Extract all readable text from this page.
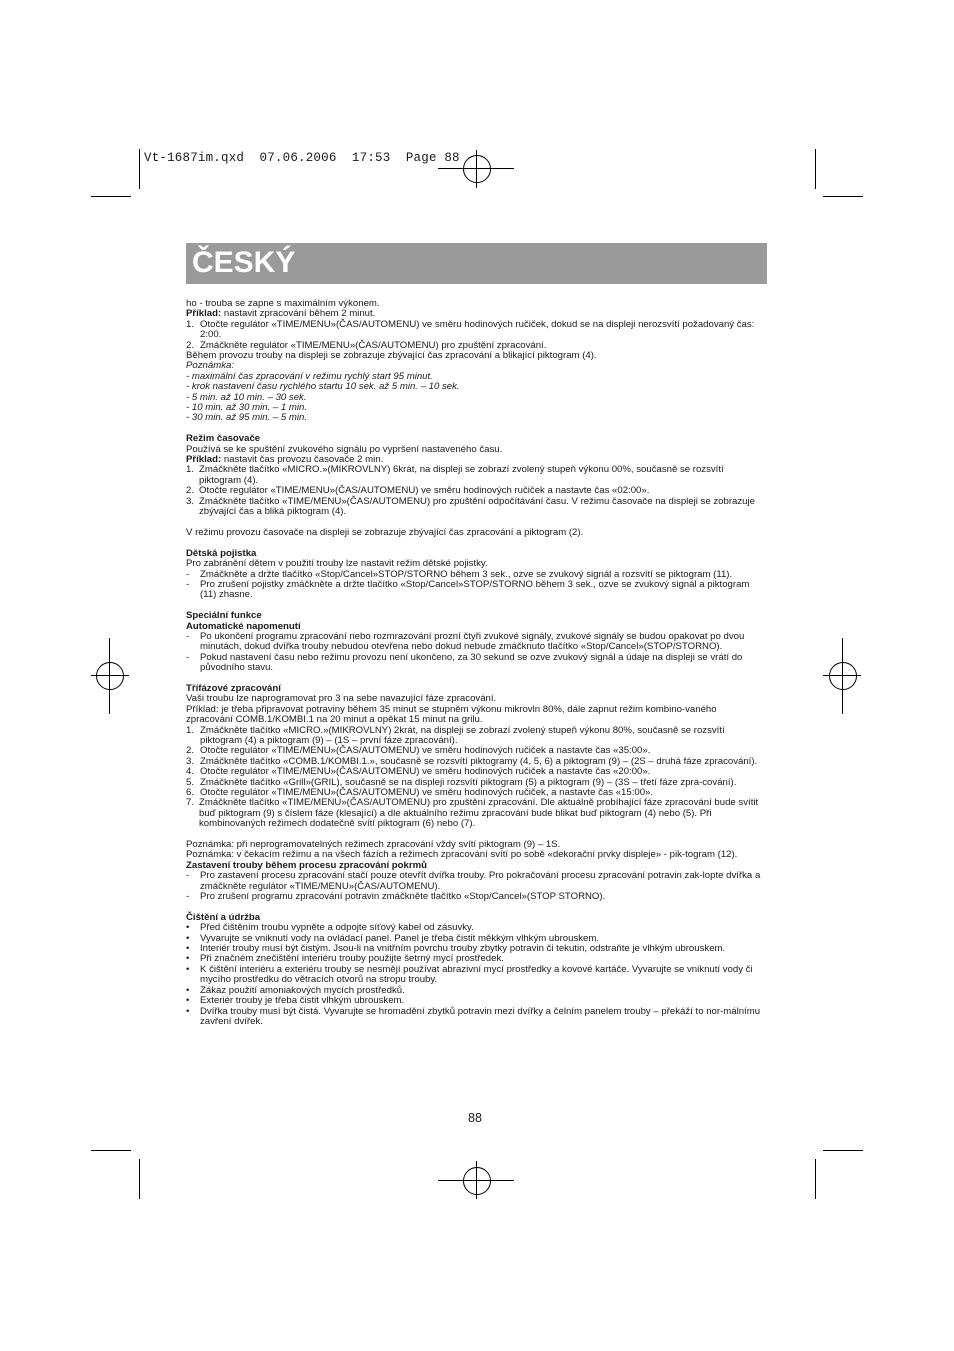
Vt-1687im.qxd  07.06.2006  17:53  Page 88
ČESKÝ
ho - trouba se zapne s maximálním výkonem.
Příklad: nastavit zpracování během 2 minut.
1. Otočte regulátor «TIME/MENU»(ČAS/AUTOMENU) ve směru hodinových ručiček, dokud se na displeji nerozsvítí požadovaný čas: 2:00.
2. Zmáčkněte regulátor «TIME/MENU»(ČAS/AUTOMENU) pro zpuštění zpracování.
Během provozu trouby na displeji se zobrazuje zbývající čas zpracování a blikající piktogram (4).
Poznámka:
- maximální čas zpracování v režimu rychlý start 95 minut.
- krok nastavení času rychlého startu 10 sek. až 5 min. – 10 sek.
- 5 min. až 10 min. – 30 sek.
- 10 min. až 30 min. – 1 min.
- 30 min. až 95 min. – 5 min.
Režim časovače
Používá se ke spuštění zvukového signálu po vypršení nastaveného času.
Příklad: nastavit čas provozu časovače 2 min.
1. Zmáčkněte tlačítko «MICRO.»(MIKROVLNY) 6krát, na displeji se zobrazí zvolený stupeň výkonu 00%, současně se rozsvítí piktogram (4).
2. Otočte regulátor «TIME/MENU»(ČAS/AUTOMENU) ve směru hodinových ručiček a nastavte čas «02:00».
3. Zmáčkněte tlačítko «TIME/MENU»(ČAS/AUTOMENU) pro zpuštění odpočítávání času. V režimu časovače na displeji se zobrazuje zbývající čas a bliká piktogram (4).
V režimu provozu časovače na displeji se zobrazuje zbývající čas zpracování a piktogram (2).
Dětská pojistka
Pro zabránění dětem v použití trouby lze nastavit režim dětské pojistky.
- Zmáčkněte a držte tlačítko «Stop/Cancel»STOP/STORNO během 3 sek., ozve se zvukový signál a rozsvítí se piktogram (11).
- Pro zrušení pojistky zmáčkněte a držte tlačítko «Stop/Cancel»STOP/STORNO během 3 sek., ozve se zvukový signál a piktogram (11) zhasne.
Speciální funkce
Automatické napomenutí
- Po ukončení programu zpracování nebo rozmrazování prozní čtyři zvukové signály, zvukové signály se budou opakovat po dvou minutách, dokud dvířka trouby nebudou otevřena nebo dokud nebude zmáčknuto tlačítko «Stop/Cancel»(STOP/STORNO).
- Pokud nastavení času nebo režimu provozu není ukončeno, za 30 sekund se ozve zvukový signál a údaje na displeji se vrátí do původního stavu.
Třífázové zpracování
Vaši troubu lze naprogramovat pro 3 na sebe navazující fáze zpracování.
Příklad: je třeba připravovat potraviny během 35 minut se stupněm výkonu mikrovln 80%, dále zapnut režim kombino-vaného zpracování COMB.1/KOMBI.1 na 20 minut a opěkat 15 minut na grilu.
1. Zmáčkněte tlačítko «MICRO.»(MIKROVLNY) 2krát, na displeji se zobrazí zvolený stupeň výkonu 80%, současně se rozsvítí piktogram (4) a piktogram (9) – (1S – první fáze zpracování).
2. Otočte regulátor «TIME/MENU»(ČAS/AUTOMENU) ve směru hodinových ručiček a nastavte čas «35:00».
3. Zmáčkněte tlačítko «COMB.1/KOMBI.1.», současně se rozsvítí piktogramy (4, 5, 6) a piktogram (9) – (2S – druhá fáze zpracování).
4. Otočte regulátor «TIME/MENU»(ČAS/AUTOMENU) ve směru hodinových ručiček a nastavte čas «20:00».
5. Zmáčkněte tlačítko «Grill»(GRIL), současně se na displeji rozsvítí piktogram (5) a piktogram (9) – (3S – třetí fáze zpra-cování).
6. Otočte regulátor «TIME/MENU»(ČAS/AUTOMENU) ve směru hodinových ručiček, a nastavte čas «15:00».
7. Zmáčkněte tlačítko «TIME/MENU»(ČAS/AUTOMENU) pro zpuštění zpracování. Dle aktuálně probíhající fáze zpracování bude svítit buď piktogram (9) s číslem fáze (klesající) a dle aktuálního režimu zpracování bude blikat buď piktogram (4) nebo (5). Při kombinovaných režimech dodatečně svítí piktogram (6) nebo (7).
Poznámka: při neprogramovatelných režimech zpracování vždy svítí piktogram (9) – 1S.
Poznámka: v čekacím režimu a na všech fázích a režimech zpracování svítí po sobě «dekorační prvky displeje» - pik-togram (12).
Zastavení trouby během procesu zpracování pokrmů
- Pro zastavení procesu zpracování stačí pouze otevřít dvířka trouby. Pro pokračování procesu zpracování potravin zak-lopte dvířka a zmáčkněte regulátor «TIME/MENU»(ČAS/AUTOMENU).
- Pro zrušení programu zpracování potravin zmáčkněte tlačítko «Stop/Cancel»(STOP STORNO).
Čištění a údržba
• Před čištěním troubu vypněte a odpojte síťový kabel od zásuvky.
• Vyvarujte se vniknutí vody na ovládací panel. Panel je třeba čistit měkkým vlhkým ubrouskem.
• Interiér trouby musí být čistým. Jsou-li na vnitřním povrchu trouby zbytky potravin či tekutin, odstraňte je vlhkým ubrouskem.
• Při značném znečištění interiéru trouby použijte šetrný mycí prostředek.
• K čištění interiéru a exteriéru trouby se nesmějí používat abrazivní mycí prostředky a kovové kartáče. Vyvarujte se vniknutí vody či mycího prostředku do větracích otvorů na stropu trouby.
• Zákaz použití amoniakových mycích prostředků.
• Exteriér trouby je třeba čistit vlhkým ubrouskem.
• Dvířka trouby musí být čistá. Vyvarujte se hromadění zbytků potravin mezi dvířky a čelním panelem trouby – překáží to nor-málnímu zavření dvířek.
88
